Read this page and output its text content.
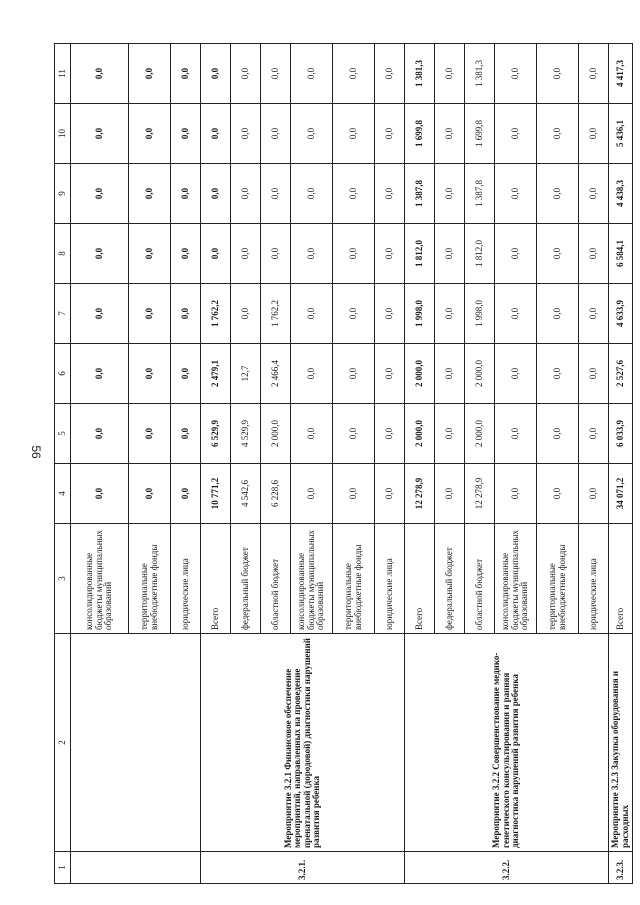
56
1	2	3	4	5	6	7	8	9	10	11
		консолидированные бюджеты муниципальных образований	0,0	0,0	0,0	0,0	0,0	0,0	0,0	0,0
		территориальные внебюджетные фонды	0,0	0,0	0,0	0,0	0,0	0,0	0,0	0,0
		юридические лица	0,0	0,0	0,0	0,0	0,0	0,0	0,0	0,0
3.2.1.	Мероприятие 3.2.1 Финансовое обеспечение мероприятий, направленных на проведение пренатальной (дородовой) диагностики нарушений развития ребенка	Всего	10 771,2	6 529,9	2 479,1	1 762,2	0,0	0,0	0,0	0,0
		федеральный бюджет	4 542,6	4 529,9	12,7	0,0	0,0	0,0	0,0	0,0
		областной бюджет	6 228,6	2 000,0	2 466,4	1 762,2	0,0	0,0	0,0	0,0
		консолидированные бюджеты муниципальных образований	0,0	0,0	0,0	0,0	0,0	0,0	0,0	0,0
		территориальные внебюджетные фонды	0,0	0,0	0,0	0,0	0,0	0,0	0,0	0,0
		юридические лица	0,0	0,0	0,0	0,0	0,0	0,0	0,0	0,0
3.2.2.	Мероприятие 3.2.2 Совершенствование медико-генетического консультирования и ранняя диагностика нарушений развития ребенка	Всего	12 278,9	2 000,0	2 000,0	1 998,0	1 812,0	1 387,8	1 699,8	1 381,3
		федеральный бюджет	0,0	0,0	0,0	0,0	0,0	0,0	0,0	0,0
		областной бюджет	12 278,9	2 000,0	2 000,0	1 998,0	1 812,0	1 387,8	1 699,8	1 381,3
		консолидированные бюджеты муниципальных образований	0,0	0,0	0,0	0,0	0,0	0,0	0,0	0,0
		территориальные внебюджетные фонды	0,0	0,0	0,0	0,0	0,0	0,0	0,0	0,0
		юридические лица	0,0	0,0	0,0	0,0	0,0	0,0	0,0	0,0
3.2.3.	Мероприятие 3.2.3 Закупка оборудования и расходных	Всего	34 071,2	6 033,9	2 527,6	4 633,9	6 584,1	4 438,3	5 436,1	4 417,3
